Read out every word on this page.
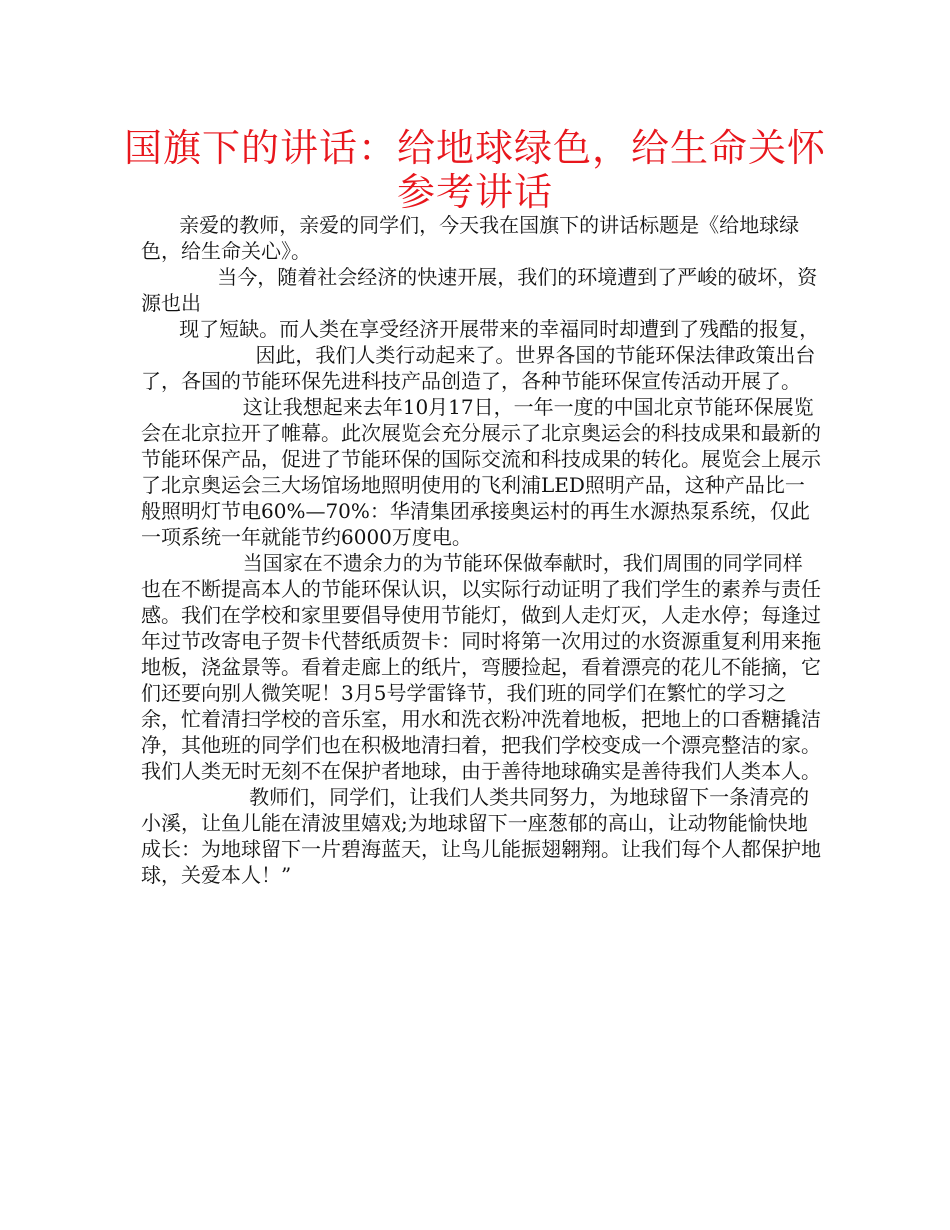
国旗下的讲话：给地球绿色，给生命关怀
参考讲话

亲爱的教师，亲爱的同学们，今天我在国旗下的讲话标题是《给地球绿色，给生命关心》。

当今，随着社会经济的快速开展，我们的环境遭到了严峻的破坏，资源也出

现了短缺。而人类在享受经济开展带来的幸福同时却遭到了残酷的报复，

因此，我们人类行动起来了。世界各国的节能环保法律政策出台了，各国的节能环保先进科技产品创造了，各种节能环保宣传活动开展了。

这让我想起来去年10月17日，一年一度的中国北京节能环保展览会在北京拉开了帷幕。此次展览会充分展示了北京奥运会的科技成果和最新的节能环保产品，促进了节能环保的国际交流和科技成果的转化。展览会上展示了北京奥运会三大场馆场地照明使用的飞利浦LED照明产品，这种产品比一般照明灯节电60%—70%：华清集团承接奥运村的再生水源热泵系统，仅此一项系统一年就能节约6000万度电。

当国家在不遗余力的为节能环保做奉献时，我们周围的同学同样也在不断提高本人的节能环保认识，以实际行动证明了我们学生的素养与责任感。我们在学校和家里要倡导使用节能灯，做到人走灯灭，人走水停；每逢过年过节改寄电子贺卡代替纸质贺卡：同时将第一次用过的水资源重复利用来拖地板，浇盆景等。看着走廊上的纸片，弯腰捡起，看着漂亮的花儿不能摘，它们还要向别人微笑呢！3月5号学雷锋节，我们班的同学们在繁忙的学习之余，忙着清扫学校的音乐室，用水和洗衣粉冲洗着地板，把地上的口香糖撬洁净，其他班的同学们也在积极地清扫着，把我们学校变成一个漂亮整洁的家。我们人类无时无刻不在保护者地球，由于善待地球确实是善待我们人类本人。

教师们，同学们，让我们人类共同努力，为地球留下一条清亮的小溪，让鱼儿能在清波里嬉戏;为地球留下一座葱郁的高山，让动物能愉快地成长：为地球留下一片碧海蓝天，让鸟儿能振翅翱翔。让我们每个人都保护地球，关爱本人！”
